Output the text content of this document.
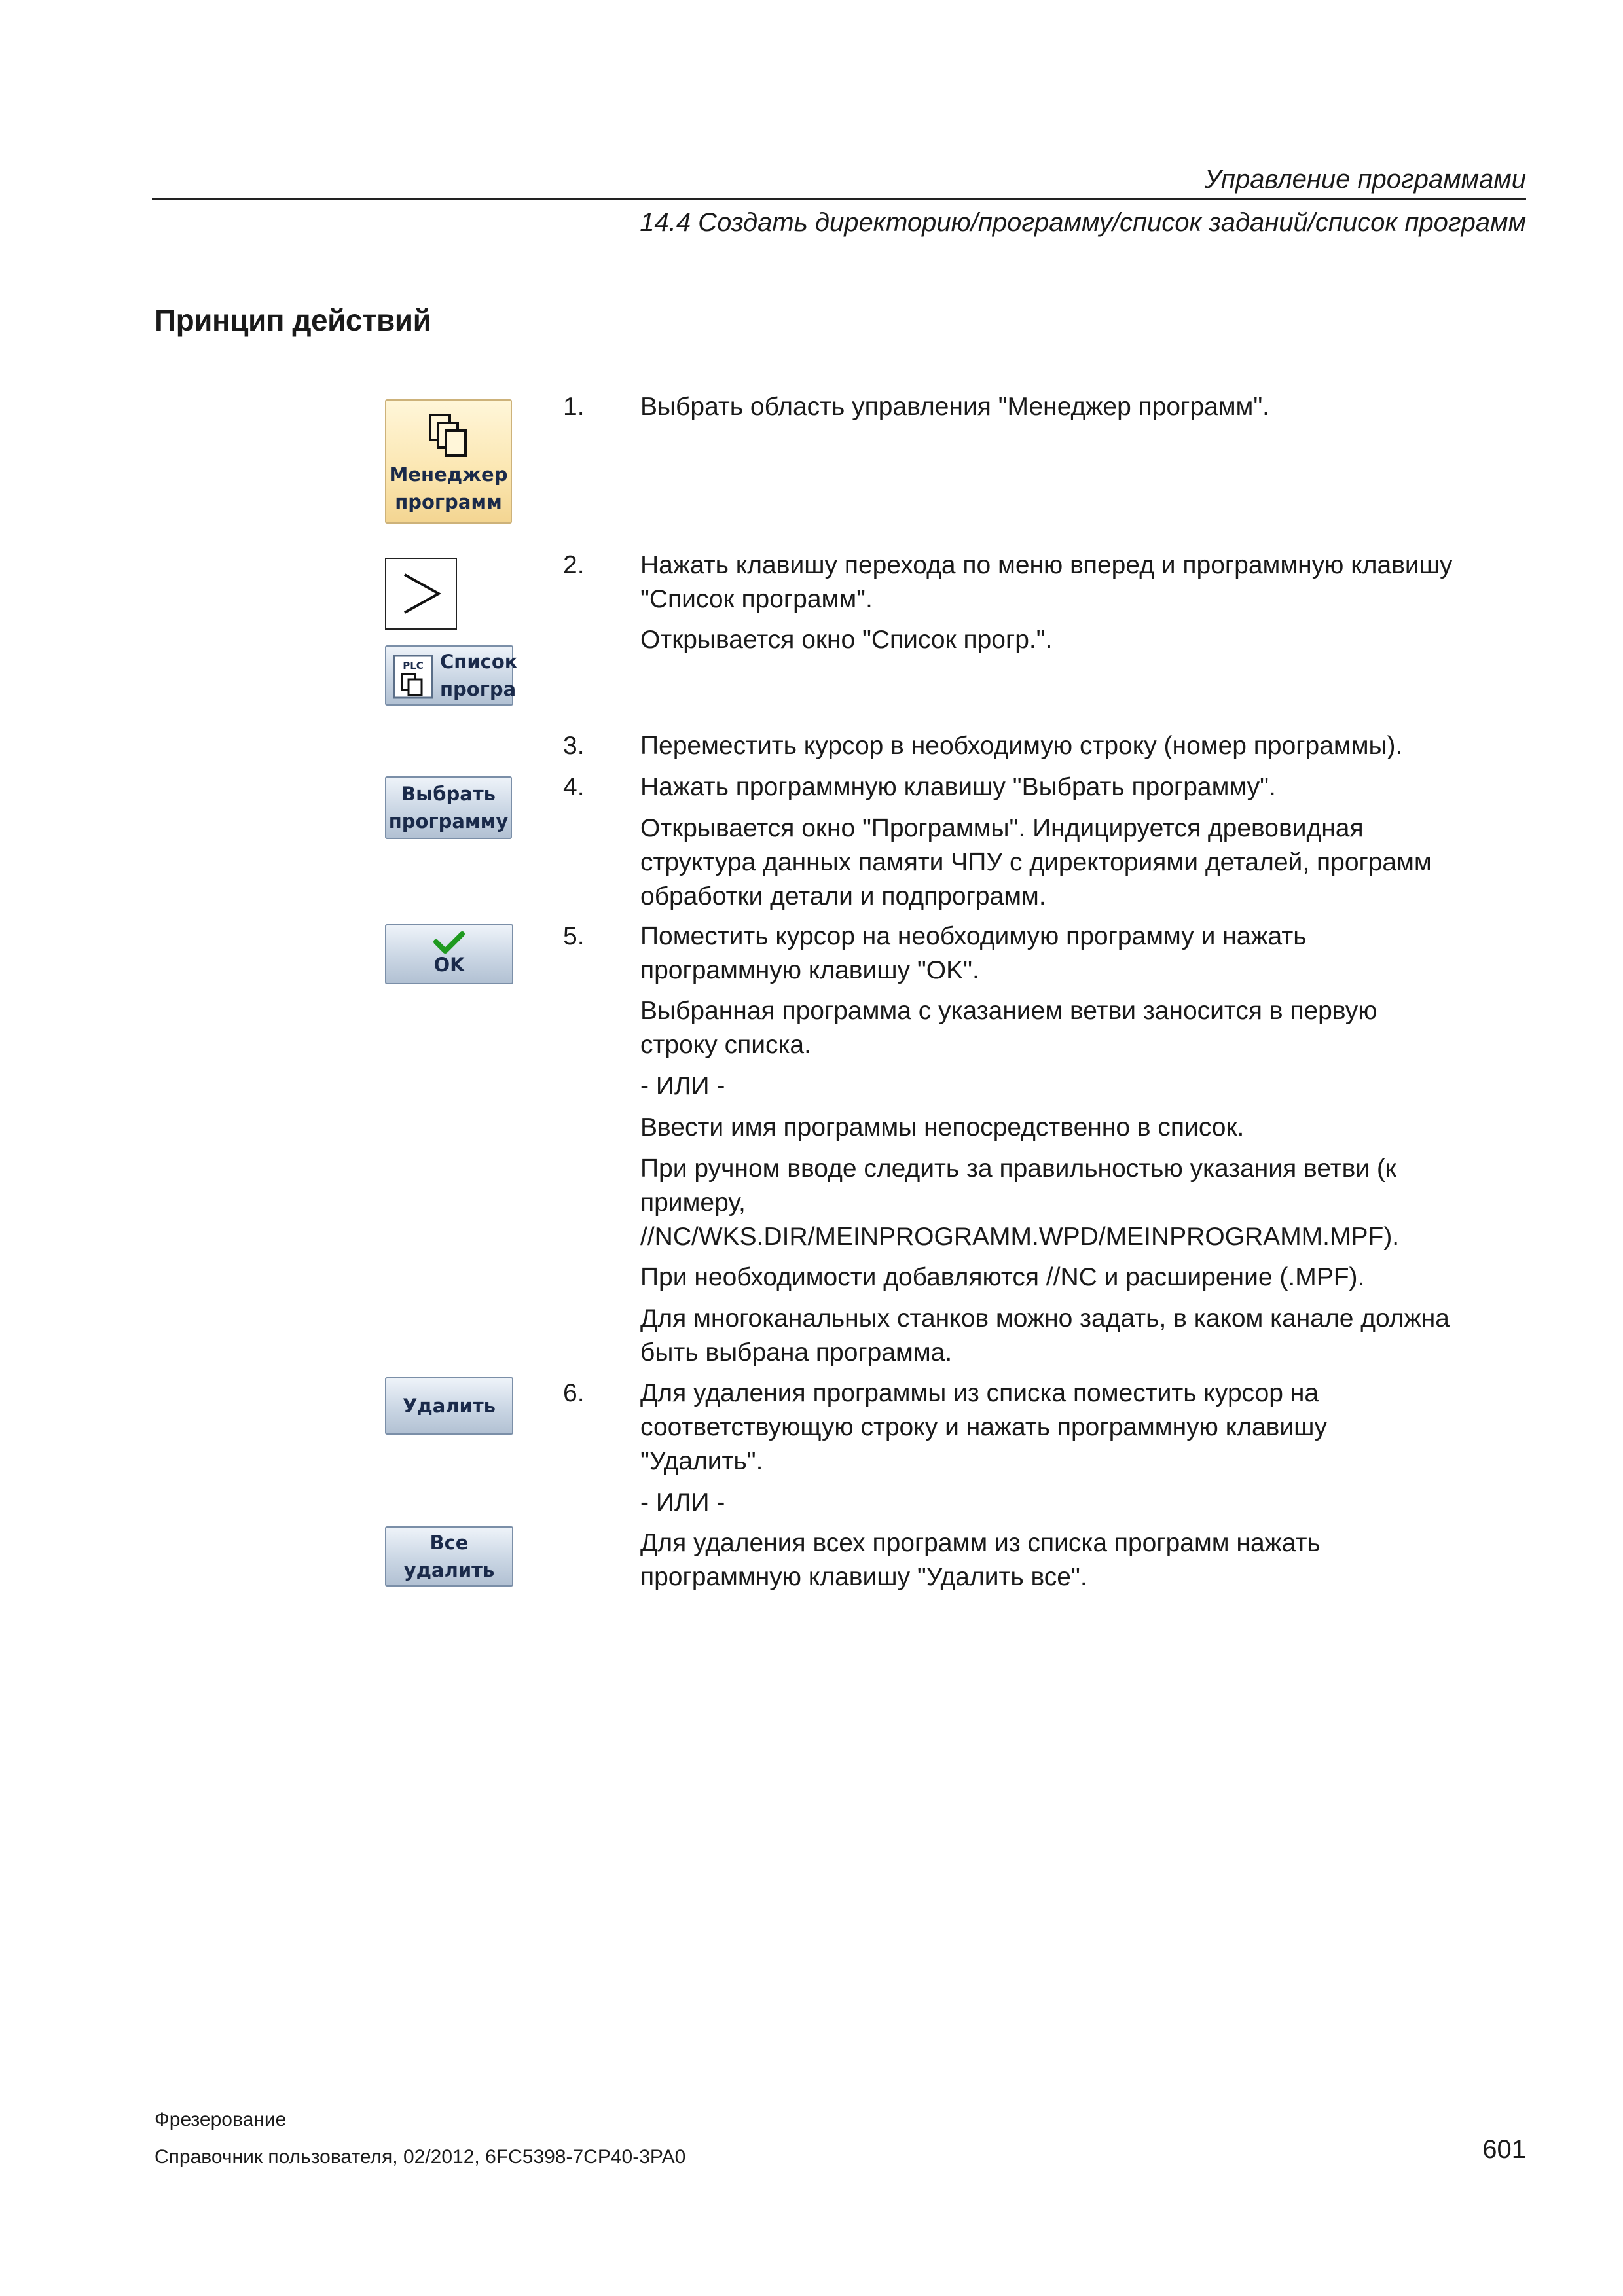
Управление программами
14.4 Создать директорию/программу/список заданий/список программ
Принцип действий
Менеджер
программ
PLC Список
програ
Выбрать
программу
OK
Удалить
Все
удалить
1. Выбрать область управления "Менеджер программ".
2. Нажать клавишу перехода по меню вперед и программную клавишу
"Список программ".
Открывается окно "Список прогр.".
3. Переместить курсор в необходимую строку (номер программы).
4. Нажать программную клавишу "Выбрать программу".
Открывается окно "Программы". Индицируется древовидная
структура данных памяти ЧПУ с директориями деталей, программ
обработки детали и подпрограмм.
5. Поместить курсор на необходимую программу и нажать
программную клавишу "OK".
Выбранная программа с указанием ветви заносится в первую
строку списка.
- ИЛИ -
Ввести имя программы непосредственно в список.
При ручном вводе следить за правильностью указания ветви (к
примеру,
//NC/WKS.DIR/MEINPROGRAMM.WPD/MEINPROGRAMM.MPF).
При необходимости добавляются //NC и расширение (.MPF).
Для многоканальных станков можно задать, в каком канале должна
быть выбрана программа.
6. Для удаления программы из списка поместить курсор на
соответствующую строку и нажать программную клавишу
"Удалить".
- ИЛИ -
Для удаления всех программ из списка программ нажать
программную клавишу "Удалить все".
Фрезерование
Справочник пользователя, 02/2012, 6FC5398-7CP40-3PA0	601
